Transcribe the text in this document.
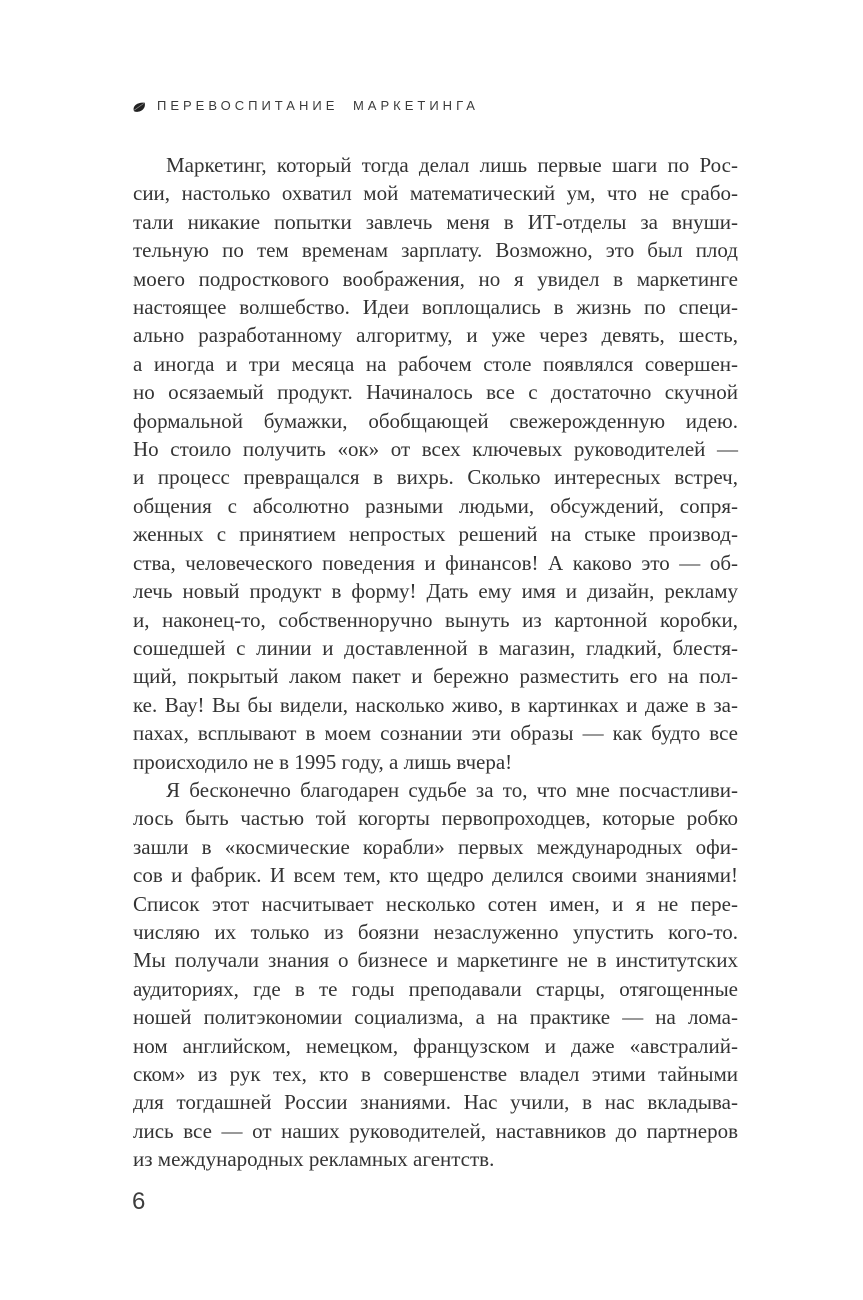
ПЕРЕВОСПИТАНИЕ МАРКЕТИНГА
Маркетинг, который тогда делал лишь первые шаги по Рос-
сии, настолько охватил мой математический ум, что не срабо-
тали никакие попытки завлечь меня в ИТ-отделы за внуши-
тельную по тем временам зарплату. Возможно, это был плод
моего подросткового воображения, но я увидел в маркетинге
настоящее волшебство. Идеи воплощались в жизнь по специ-
ально разработанному алгоритму, и уже через девять, шесть,
а иногда и три месяца на рабочем столе появлялся совершен-
но осязаемый продукт. Начиналось все с достаточно скучной
формальной бумажки, обобщающей свежерожденную идею.
Но стоило получить «ок» от всех ключевых руководителей —
и процесс превращался в вихрь. Сколько интересных встреч,
общения с абсолютно разными людьми, обсуждений, сопря-
женных с принятием непростых решений на стыке производ-
ства, человеческого поведения и финансов! А каково это — об-
лечь новый продукт в форму! Дать ему имя и дизайн, рекламу
и, наконец-то, собственноручно вынуть из картонной коробки,
сошедшей с линии и доставленной в магазин, гладкий, блестя-
щий, покрытый лаком пакет и бережно разместить его на пол-
ке. Вау! Вы бы видели, насколько живо, в картинках и даже в за-
пахах, всплывают в моем сознании эти образы — как будто все
происходило не в 1995 году, а лишь вчера!
Я бесконечно благодарен судьбе за то, что мне посчастливи-
лось быть частью той когорты первопроходцев, которые робко
зашли в «космические корабли» первых международных офи-
сов и фабрик. И всем тем, кто щедро делился своими знаниями!
Список этот насчитывает несколько сотен имен, и я не пере-
числяю их только из боязни незаслуженно упустить кого-то.
Мы получали знания о бизнесе и маркетинге не в институтских
аудиториях, где в те годы преподавали старцы, отягощенные
ношей политэкономии социализма, а на практике — на лома-
ном английском, немецком, французском и даже «австралий-
ском» из рук тех, кто в совершенстве владел этими тайными
для тогдашней России знаниями. Нас учили, в нас вкладыва-
лись все — от наших руководителей, наставников до партнеров
из международных рекламных агентств.
6
